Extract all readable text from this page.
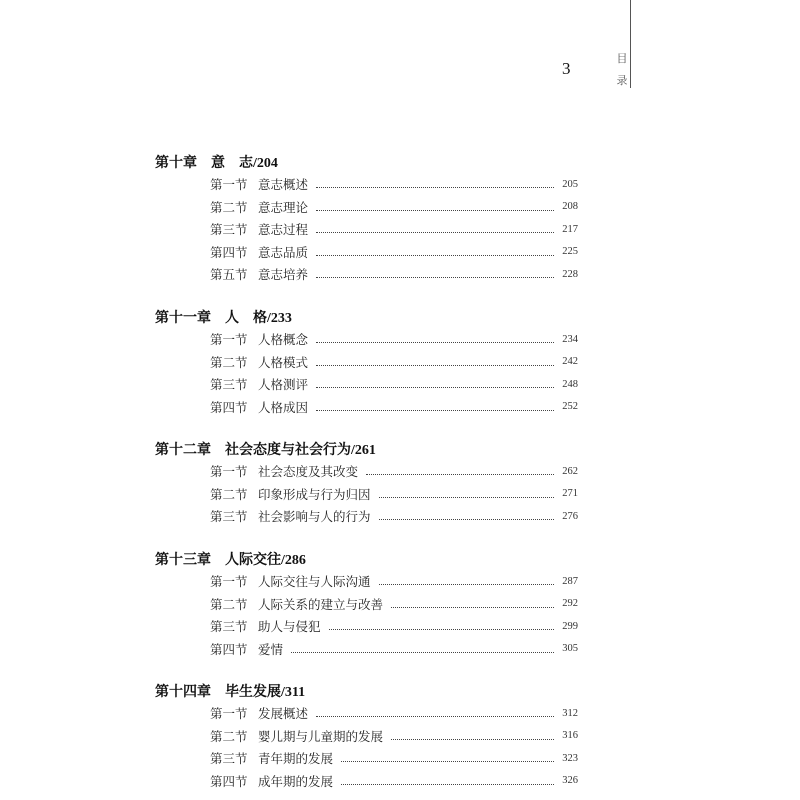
目
录
3
第十章 意　志/204
第一节 意志概述	205
第二节 意志理论	208
第三节 意志过程	217
第四节 意志品质	225
第五节 意志培养	228
第十一章 人　格/233
第一节 人格概念	234
第二节 人格模式	242
第三节 人格测评	248
第四节 人格成因	252
第十二章 社会态度与社会行为/261
第一节 社会态度及其改变	262
第二节 印象形成与行为归因	271
第三节 社会影响与人的行为	276
第十三章 人际交往/286
第一节 人际交往与人际沟通	287
第二节 人际关系的建立与改善	292
第三节 助人与侵犯	299
第四节 爱情	305
第十四章 毕生发展/311
第一节 发展概述	312
第二节 婴儿期与儿童期的发展	316
第三节 青年期的发展	323
第四节 成年期的发展	326
